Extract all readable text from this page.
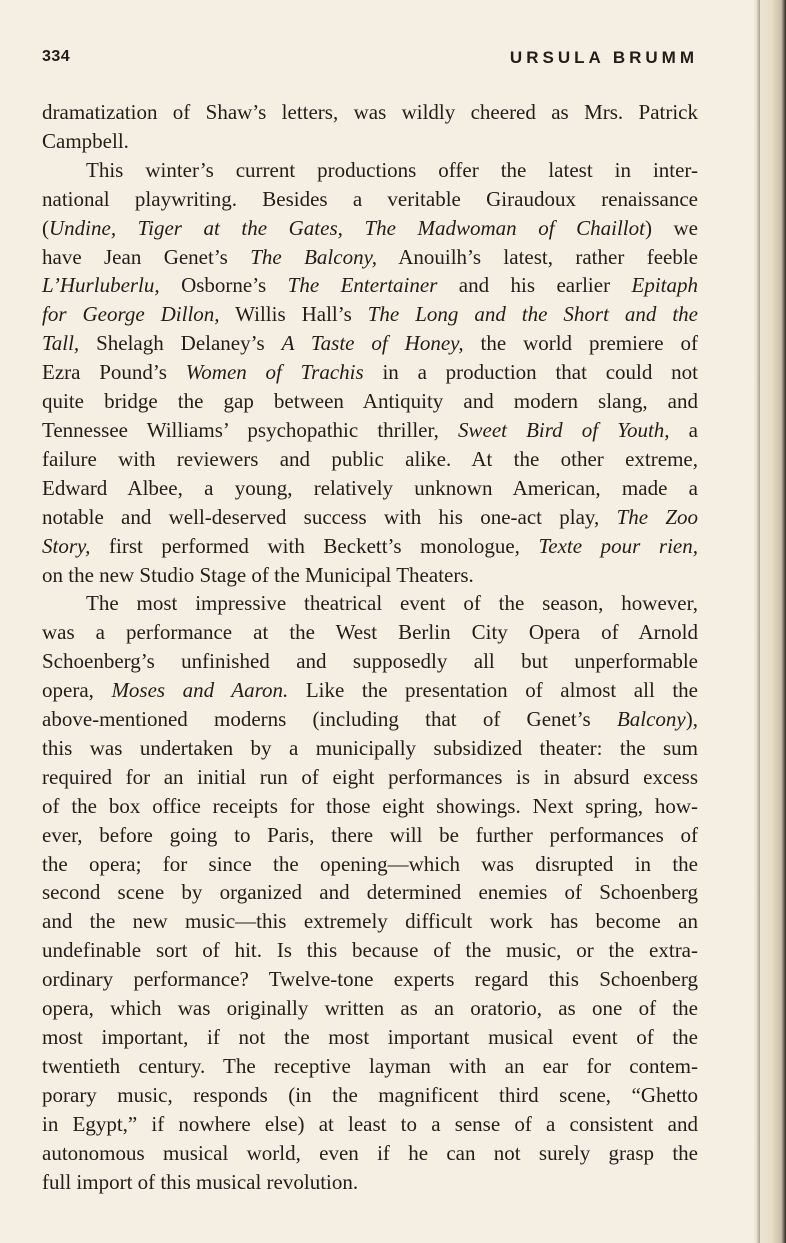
334	URSULA BRUMM
dramatization of Shaw’s letters, was wildly cheered as Mrs. Patrick
Campbell.
This winter’s current productions offer the latest in inter-
national playwriting. Besides a veritable Giraudoux renaissance
(Undine, Tiger at the Gates, The Madwoman of Chaillot) we
have Jean Genet’s The Balcony, Anouilh’s latest, rather feeble
L’Hurluberlu, Osborne’s The Entertainer and his earlier Epitaph
for George Dillon, Willis Hall’s The Long and the Short and the
Tall, Shelagh Delaney’s A Taste of Honey, the world premiere of
Ezra Pound’s Women of Trachis in a production that could not
quite bridge the gap between Antiquity and modern slang, and
Tennessee Williams’ psychopathic thriller, Sweet Bird of Youth, a
failure with reviewers and public alike. At the other extreme,
Edward Albee, a young, relatively unknown American, made a
notable and well-deserved success with his one-act play, The Zoo
Story, first performed with Beckett’s monologue, Texte pour rien,
on the new Studio Stage of the Municipal Theaters.
The most impressive theatrical event of the season, however,
was a performance at the West Berlin City Opera of Arnold
Schoenberg’s unfinished and supposedly all but unperformable
opera, Moses and Aaron. Like the presentation of almost all the
above-mentioned moderns (including that of Genet’s Balcony),
this was undertaken by a municipally subsidized theater: the sum
required for an initial run of eight performances is in absurd excess
of the box office receipts for those eight showings. Next spring, how-
ever, before going to Paris, there will be further performances of
the opera; for since the opening—which was disrupted in the
second scene by organized and determined enemies of Schoenberg
and the new music—this extremely difficult work has become an
undefinable sort of hit. Is this because of the music, or the extra-
ordinary performance? Twelve-tone experts regard this Schoenberg
opera, which was originally written as an oratorio, as one of the
most important, if not the most important musical event of the
twentieth century. The receptive layman with an ear for contem-
porary music, responds (in the magnificent third scene, “Ghetto
in Egypt,” if nowhere else) at least to a sense of a consistent and
autonomous musical world, even if he can not surely grasp the
full import of this musical revolution.
